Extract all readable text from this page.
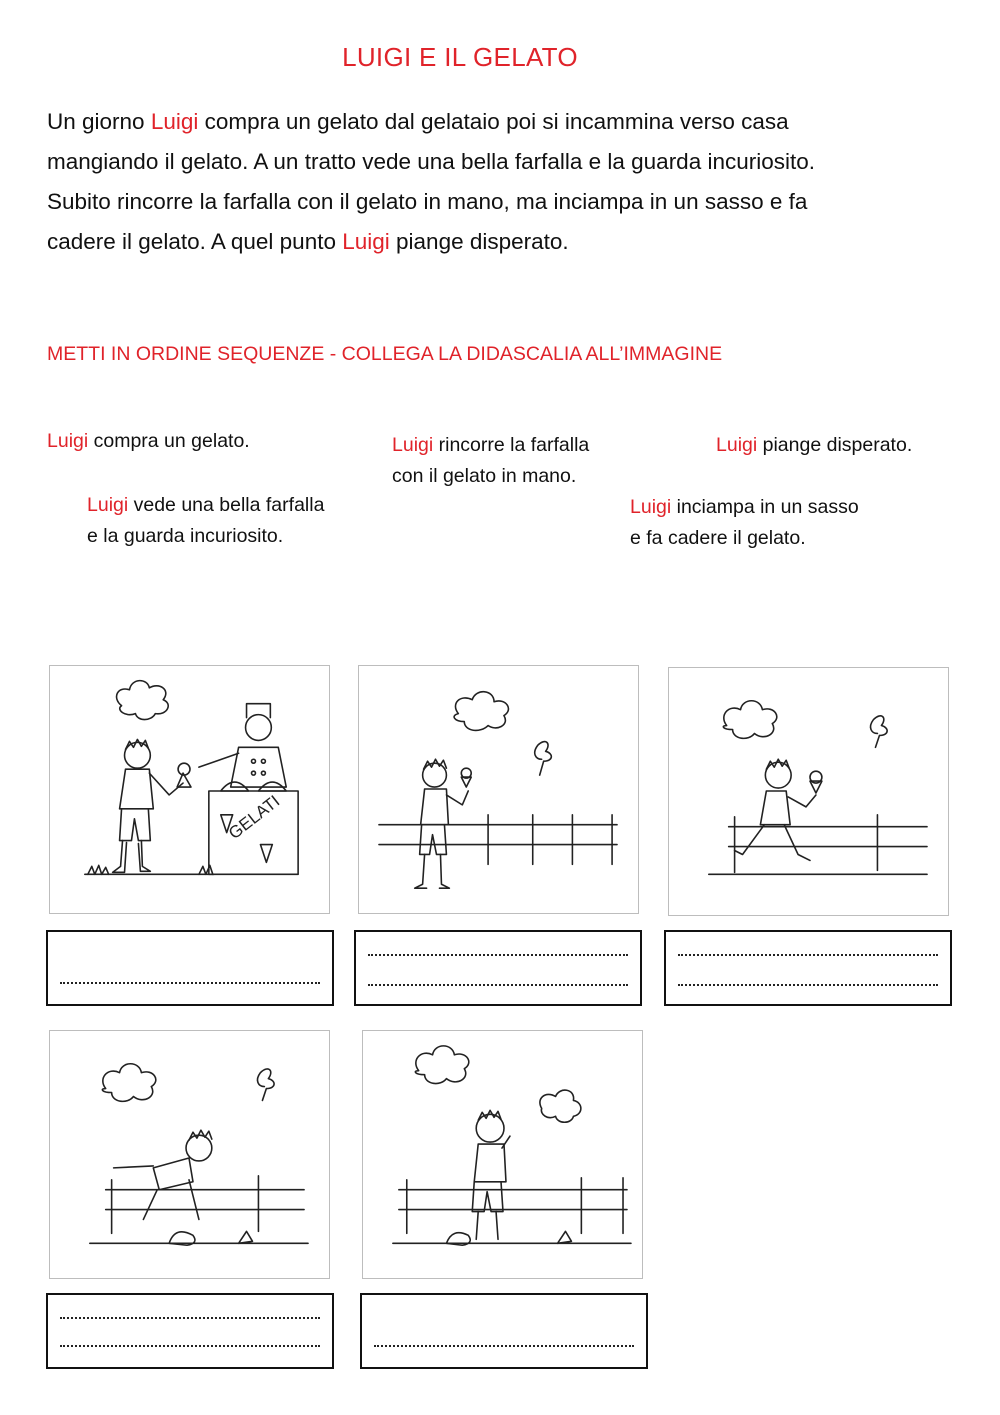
LUIGI E IL GELATO
Un giorno Luigi compra un gelato dal gelataio poi si incammina verso casa
mangiando il gelato. A un tratto vede una bella farfalla e la guarda incuriosito.
Subito rincorre la farfalla con il gelato in mano, ma inciampa in un sasso e fa
cadere il gelato. A quel punto Luigi piange disperato.
METTI IN ORDINE SEQUENZE - COLLEGA LA DIDASCALIA ALL’IMMAGINE
Luigi compra un gelato.	Luigi rincorre la farfalla
con il gelato in mano.
Luigi piange disperato.
Luigi vede una bella farfalla
e la guarda incuriosito.
Luigi inciampa in un sasso
e fa cadere il gelato.
GELATI
